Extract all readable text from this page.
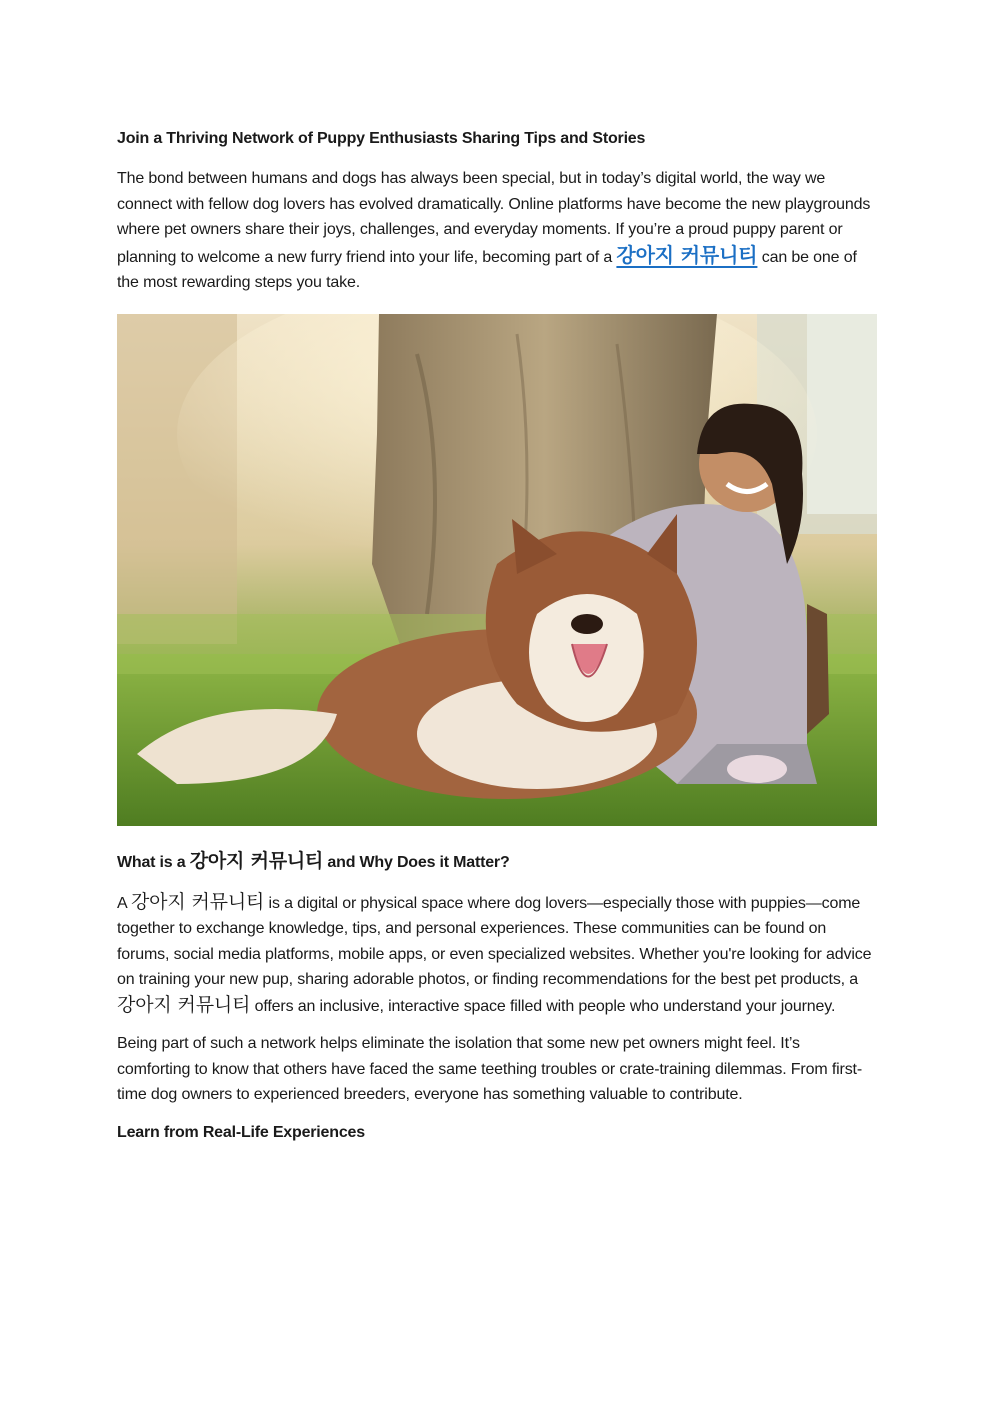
Join a Thriving Network of Puppy Enthusiasts Sharing Tips and Stories

The bond between humans and dogs has always been special, but in today’s digital world, the way we connect with fellow dog lovers has evolved dramatically. Online platforms have become the new playgrounds where pet owners share their joys, challenges, and everyday moments. If you’re a proud puppy parent or planning to welcome a new furry friend into your life, becoming part of a 강아지 커뮤니티 can be one of the most rewarding steps you take.

What is a 강아지 커뮤니티 and Why Does it Matter?

A 강아지 커뮤니티 is a digital or physical space where dog lovers—especially those with puppies—come together to exchange knowledge, tips, and personal experiences. These communities can be found on forums, social media platforms, mobile apps, or even specialized websites. Whether you're looking for advice on training your new pup, sharing adorable photos, or finding recommendations for the best pet products, a 강아지 커뮤니티 offers an inclusive, interactive space filled with people who understand your journey.

Being part of such a network helps eliminate the isolation that some new pet owners might feel. It’s comforting to know that others have faced the same teething troubles or crate-training dilemmas. From first-time dog owners to experienced breeders, everyone has something valuable to contribute.

Learn from Real-Life Experiences
